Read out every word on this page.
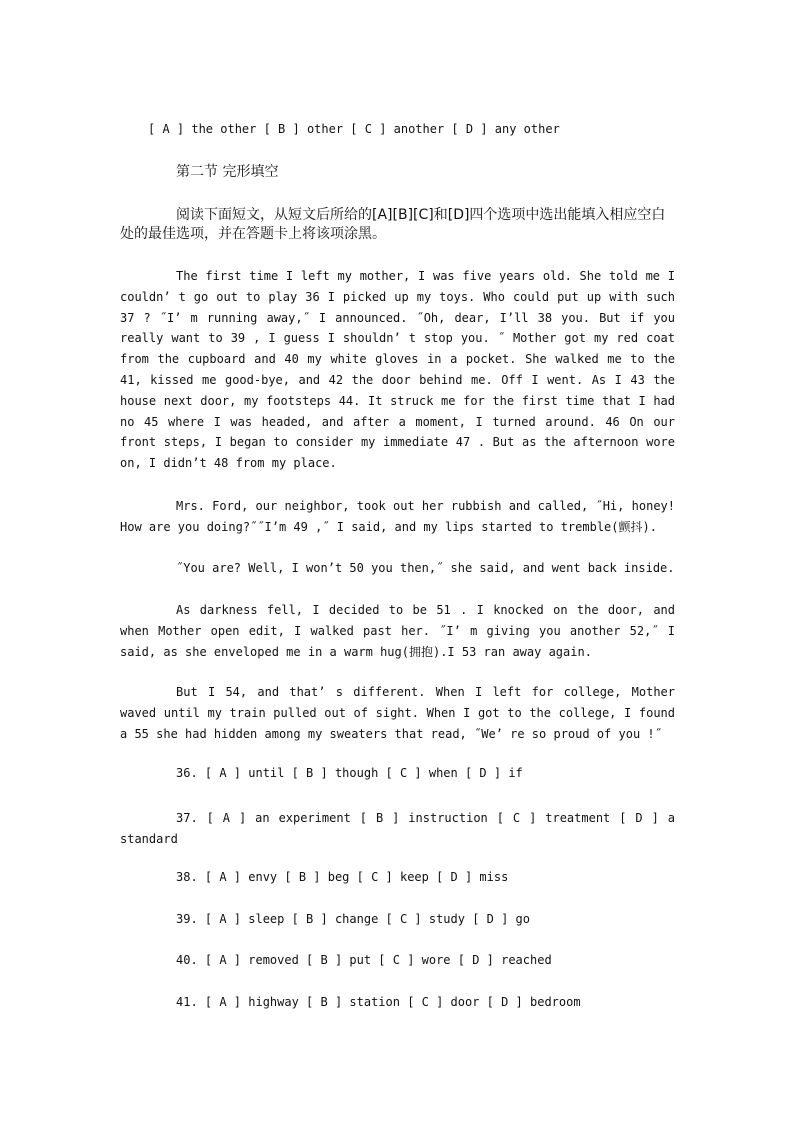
[ A ] the other [ B ] other [ C ] another [ D ] any other
第二节 完形填空
阅读下面短文，从短文后所给的[A][B][C]和[D]四个选项中选出能填入相应空白
处的最佳选项，并在答题卡上将该项涂黑。
The first time I left my mother, I was five years old. She told me I couldn’ t go out to play 36 I picked up my toys. Who could put up with such 37 ? ˝I’ m running away,˝ I announced. ˝Oh, dear, I’ll 38 you. But if you really want to 39 , I guess I shouldn’ t stop you. ˝ Mother got my red coat from the cupboard and 40 my white gloves in a pocket. She walked me to the 41, kissed me good-bye, and 42 the door behind me. Off I went. As I 43 the house next door, my footsteps 44. It struck me for the first time that I had no 45 where I was headed, and after a moment, I turned around. 46 On our front steps, I began to consider my immediate 47 . But as the afternoon wore on, I didn’t 48 from my place.
Mrs. Ford, our neighbor, took out her rubbish and called, ˝Hi, honey! How are you doing?˝˝I’m 49 ,˝ I said, and my lips started to tremble(颤抖).
˝You are? Well, I won’t 50 you then,˝ she said, and went back inside.
As darkness fell, I decided to be 51 . I knocked on the door, and when Mother open edit, I walked past her. ˝I’ m giving you another 52,˝ I said, as she enveloped me in a warm hug(拥抱).I 53 ran away again.
But I 54, and that’ s different. When I left for college, Mother waved until my train pulled out of sight. When I got to the college, I found a 55 she had hidden among my sweaters that read, ˝We’ re so proud of you !˝
36. [ A ] until [ B ] though [ C ] when [ D ] if
37. [ A ] an experiment [ B ] instruction [ C ] treatment [ D ] a standard
38. [ A ] envy [ B ] beg [ C ] keep [ D ] miss
39. [ A ] sleep [ B ] change [ C ] study [ D ] go
40. [ A ] removed [ B ] put [ C ] wore [ D ] reached
41. [ A ] highway [ B ] station [ C ] door [ D ] bedroom
